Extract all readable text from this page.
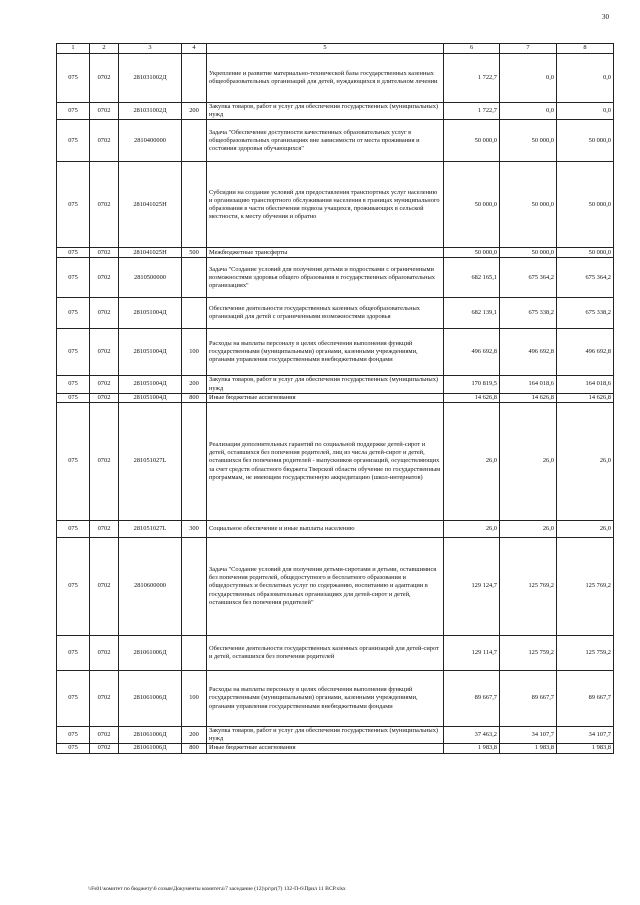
30
1	2	3	4	5	6	7	8
075	0702	281031002Д		Укрепление и развитие материально-технической базы государственных казенных общеобразовательных организаций для детей, нуждающихся в длительном лечении	1 722,7	0,0	0,0
075	0702	281031002Д	200	Закупка товаров, работ и услуг для обеспечения государственных (муниципальных) нужд	1 722,7	0,0	0,0
075	0702	2810400000		Задача "Обеспечение доступности качественных образовательных услуг в общеобразовательных организациях вне зависимости от места проживания и состояния здоровья обучающихся"	50 000,0	50 000,0	50 000,0
075	0702	281041025Н		Субсидии на создание условий для предоставления транспортных услуг населению и организацию транспортного обслуживания населения в границах муниципального образования в части обеспечения подвоза учащихся, проживающих в сельской местности, к месту обучения и обратно	50 000,0	50 000,0	50 000,0
075	0702	281041025Н	500	Межбюджетные трансферты	50 000,0	50 000,0	50 000,0
075	0702	2810500000		Задача "Создание условий для получения детьми и подростками с ограниченными возможностями здоровья общего образования в государственных образовательных организациях"	682 165,1	675 364,2	675 364,2
075	0702	281051004Д		Обеспечение деятельности государственных казенных общеобразовательных организаций для детей с ограниченными возможностями здоровья	682 139,1	675 338,2	675 338,2
075	0702	281051004Д	100	Расходы на выплаты персоналу в целях обеспечения выполнения функций государственными (муниципальными) органами, казенными учреждениями, органами управления государственными внебюджетными фондами	496 692,8	496 692,8	496 692,8
075	0702	281051004Д	200	Закупка товаров, работ и услуг для обеспечения государственных (муниципальных) нужд	170 819,5	164 018,6	164 018,6
075	0702	281051004Д	800	Иные бюджетные ассигнования	14 626,8	14 626,8	14 626,8
075	0702	281051027L		Реализация дополнительных гарантий по социальной поддержке детей-сирот и детей, оставшихся без попечения родителей, лиц из числа детей-сирот и детей, оставшихся без попечения родителей - выпускников организаций, осуществляющих за счет средств областного бюджета Тверской области обучение по государственным программам, не имеющим государственную аккредитацию (школ-интернатов)	26,0	26,0	26,0
075	0702	281051027L	300	Социальное обеспечение и иные выплаты населению	26,0	26,0	26,0
075	0702	2810600000		Задача "Создание условий для получения детьми-сиротами и детьми, оставшимися без попечения родителей, общедоступного и бесплатного образования и общедоступных и бесплатных услуг по содержанию, воспитанию и адаптации в государственных образовательных организациях для детей-сирот и детей, оставшихся без попечения родителей"	129 124,7	125 769,2	125 769,2
075	0702	281061006Д		Обеспечение деятельности государственных казенных организаций для детей-сирот и детей, оставшихся без попечения родителей	129 114,7	125 759,2	125 759,2
075	0702	281061006Д	100	Расходы на выплаты персоналу в целях обеспечения выполнения функций государственными (муниципальными) органами, казенными учреждениями, органами управления государственными внебюджетными фондами	89 667,7	89 667,7	89 667,7
075	0702	281061006Д	200	Закупка товаров, работ и услуг для обеспечения государственных (муниципальных) нужд	37 463,2	34 107,7	34 107,7
075	0702	281061006Д	800	Иные бюджетные ассигнования	1 983,8	1 983,8	1 983,8
\\Fs01\комитет по бюджету\6 созыв\Документы комитета\7 заседание (12)\pr\pr(7) 132-П-6\Прил 11 ВСР.xlsx
